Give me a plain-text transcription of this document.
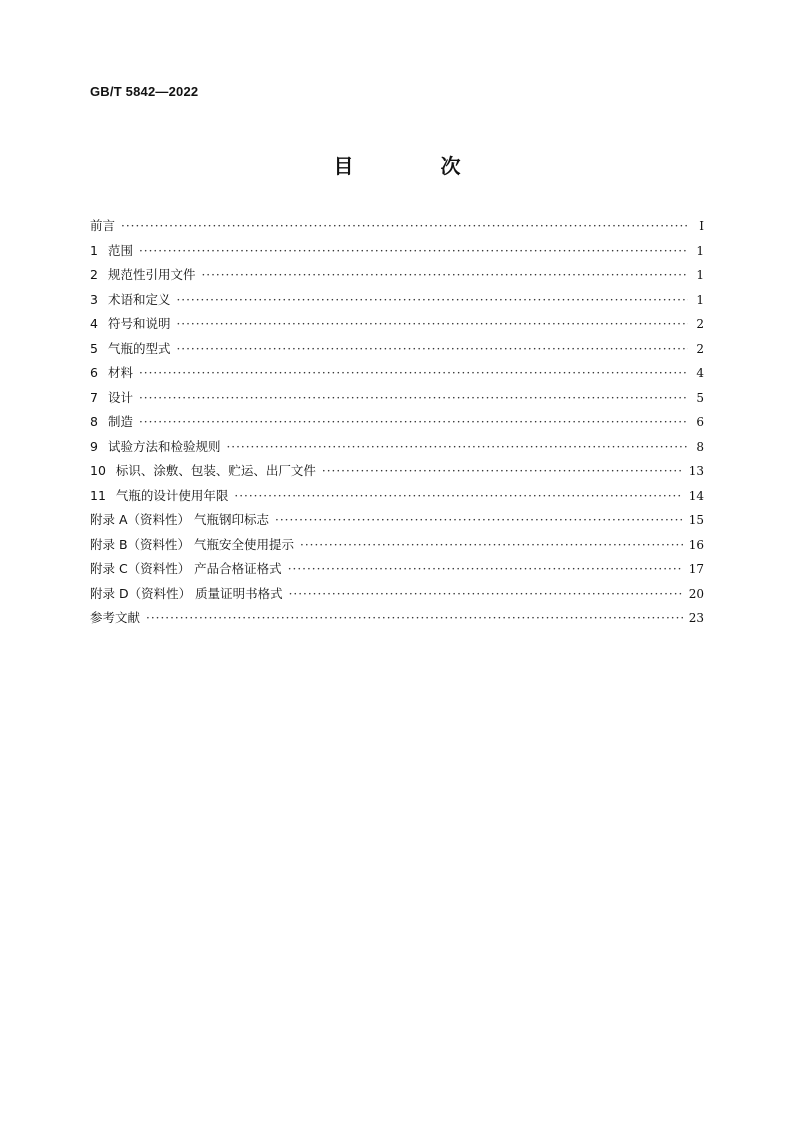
GB/T 5842—2022
目 次
前言 ·····	Ⅰ
1 范围 ·····	1
2 规范性引用文件 ·····	1
3 术语和定义 ·····	1
4 符号和说明 ·····	2
5 气瓶的型式 ·····	2
6 材料 ·····	4
7 设计 ·····	5
8 制造 ·····	6
9 试验方法和检验规则 ·····	8
10 标识、涂敷、包装、贮运、出厂文件 ·····	13
11 气瓶的设计使用年限 ·····	14
附录 A（资料性） 气瓶钢印标志 ·····	15
附录 B（资料性） 气瓶安全使用提示 ·····	16
附录 C（资料性） 产品合格证格式 ·····	17
附录 D（资料性） 质量证明书格式 ·····	20
参考文献 ·····	23
